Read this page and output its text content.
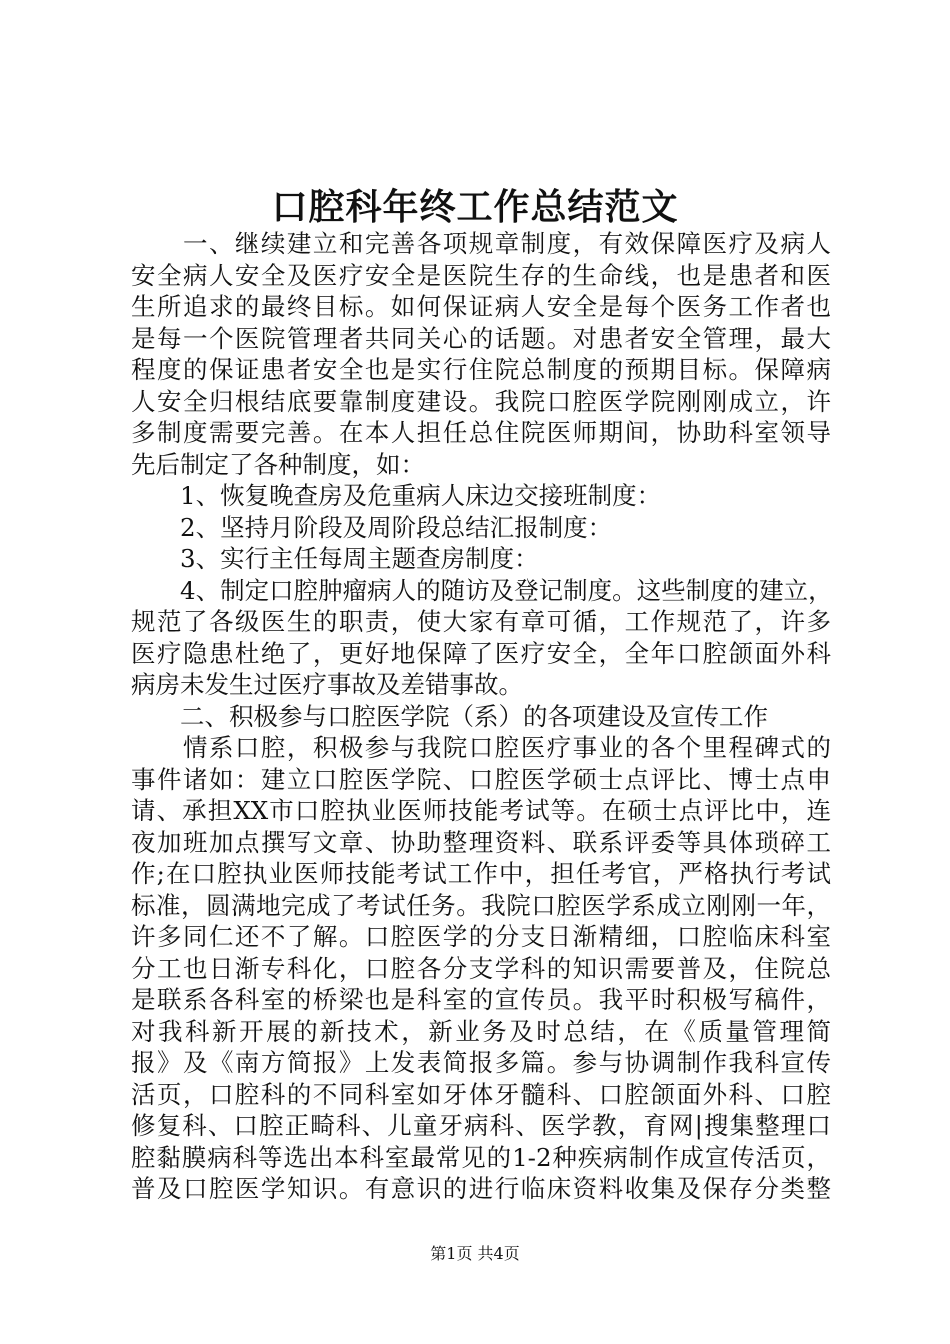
口腔科年终工作总结范文
　　一、继续建立和完善各项规章制度，有效保障医疗及病人
安全病人安全及医疗安全是医院生存的生命线，也是患者和医
生所追求的最终目标。如何保证病人安全是每个医务工作者也
是每一个医院管理者共同关心的话题。对患者安全管理，最大
程度的保证患者安全也是实行住院总制度的预期目标。保障病
人安全归根结底要靠制度建设。我院口腔医学院刚刚成立，许
多制度需要完善。在本人担任总住院医师期间，协助科室领导
先后制定了各种制度，如：
　　1、恢复晚查房及危重病人床边交接班制度：
　　2、坚持月阶段及周阶段总结汇报制度：
　　3、实行主任每周主题查房制度：
　　4、制定口腔肿瘤病人的随访及登记制度。这些制度的建立，
规范了各级医生的职责，使大家有章可循，工作规范了，许多
医疗隐患杜绝了，更好地保障了医疗安全，全年口腔颌面外科
病房未发生过医疗事故及差错事故。
　　二、积极参与口腔医学院（系）的各项建设及宣传工作
　　情系口腔，积极参与我院口腔医疗事业的各个里程碑式的
事件诸如：建立口腔医学院、口腔医学硕士点评比、博士点申
请、承担XX市口腔执业医师技能考试等。在硕士点评比中，连
夜加班加点撰写文章、协助整理资料、联系评委等具体琐碎工
作;在口腔执业医师技能考试工作中，担任考官，严格执行考试
标准，圆满地完成了考试任务。我院口腔医学系成立刚刚一年，
许多同仁还不了解。口腔医学的分支日渐精细，口腔临床科室
分工也日渐专科化，口腔各分支学科的知识需要普及，住院总
是联系各科室的桥梁也是科室的宣传员。我平时积极写稿件，
对我科新开展的新技术，新业务及时总结，在《质量管理简
报》及《南方简报》上发表简报多篇。参与协调制作我科宣传
活页，口腔科的不同科室如牙体牙髓科、口腔颌面外科、口腔
修复科、口腔正畸科、儿童牙病科、医学教，育网|搜集整理口
腔黏膜病科等选出本科室最常见的1-2种疾病制作成宣传活页，
普及口腔医学知识。有意识的进行临床资料收集及保存分类整
第1页 共4页
